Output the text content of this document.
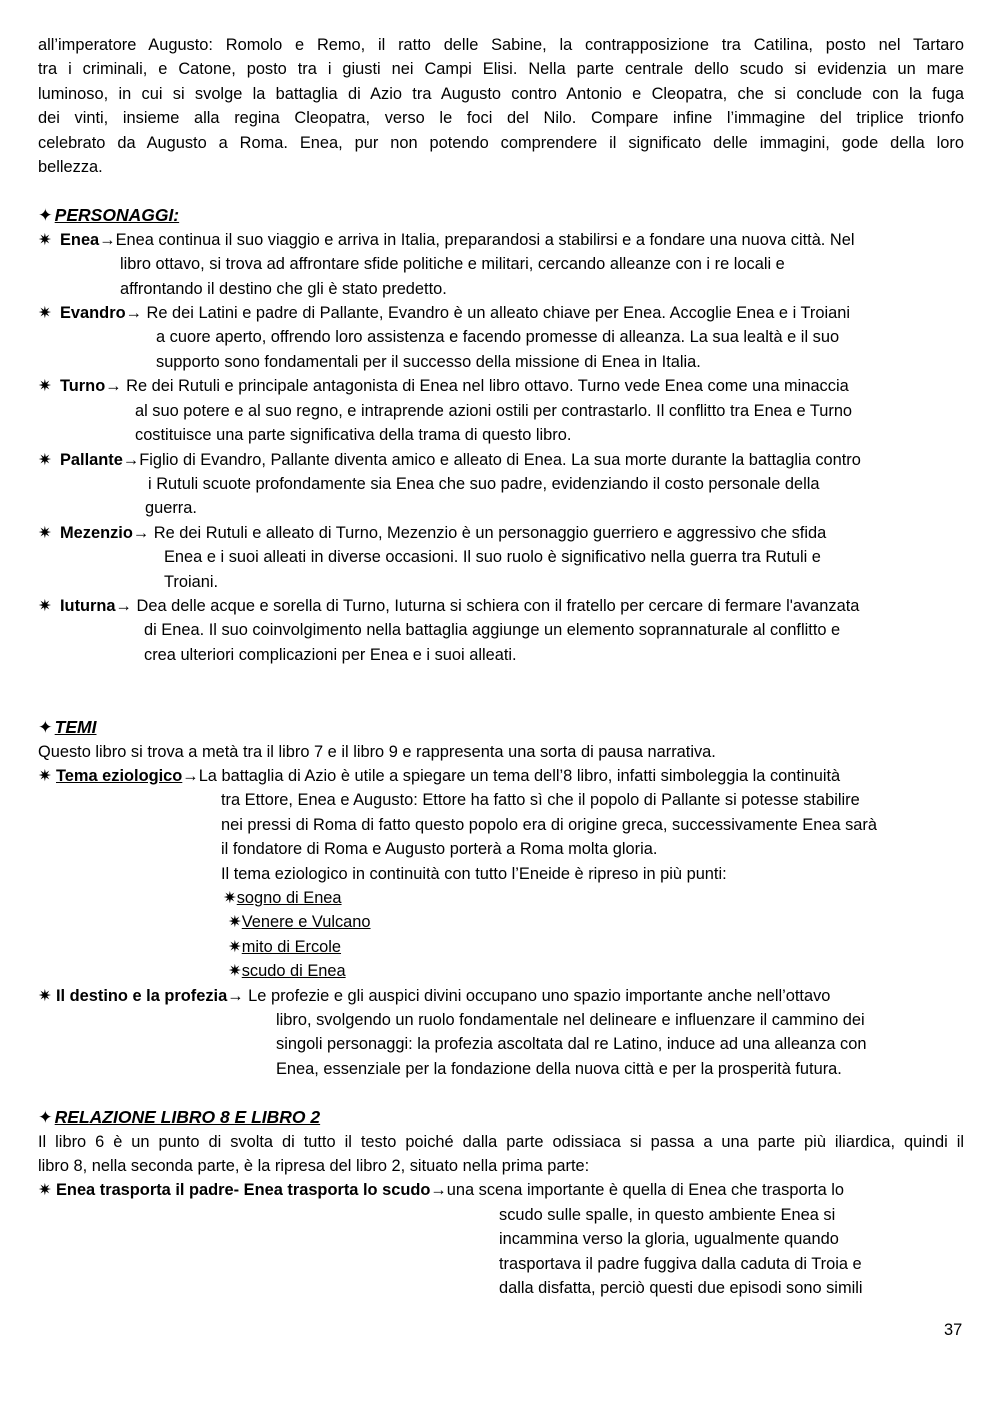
all’imperatore Augusto: Romolo e Remo, il ratto delle Sabine, la contrapposizione tra Catilina, posto nel Tartaro

tra i criminali, e Catone, posto tra i giusti nei Campi Elisi. Nella parte centrale dello scudo si evidenzia un mare

luminoso, in cui si svolge la battaglia di Azio tra Augusto contro Antonio e Cleopatra, che si conclude con la fuga

dei vinti, insieme alla regina Cleopatra, verso le foci del Nilo. Compare infine l’immagine del triplice trionfo

celebrato da Augusto a Roma. Enea, pur non potendo comprendere il significato delle immagini, gode della loro

bellezza.

✦ PERSONAGGI:

✷ Enea→Enea continua il suo viaggio e arriva in Italia, preparandosi a stabilirsi e a fondare una nuova città. Nel
libro ottavo, si trova ad affrontare sfide politiche e militari, cercando alleanze con i re locali e
affrontando il destino che gli è stato predetto.
✷ Evandro→ Re dei Latini e padre di Pallante, Evandro è un alleato chiave per Enea. Accoglie Enea e i Troiani
a cuore aperto, offrendo loro assistenza e facendo promesse di alleanza. La sua lealtà e il suo
supporto sono fondamentali per il successo della missione di Enea in Italia.
✷ Turno→ Re dei Rutuli e principale antagonista di Enea nel libro ottavo. Turno vede Enea come una minaccia
al suo potere e al suo regno, e intraprende azioni ostili per contrastarlo. Il conflitto tra Enea e Turno
costituisce una parte significativa della trama di questo libro.
✷ Pallante→Figlio di Evandro, Pallante diventa amico e alleato di Enea. La sua morte durante la battaglia contro
i Rutuli scuote profondamente sia Enea che suo padre, evidenziando il costo personale della
guerra.
✷ Mezenzio→ Re dei Rutuli e alleato di Turno, Mezenzio è un personaggio guerriero e aggressivo che sfida
Enea e i suoi alleati in diverse occasioni. Il suo ruolo è significativo nella guerra tra Rutuli e
Troiani.
✷ Iuturna→ Dea delle acque e sorella di Turno, Iuturna si schiera con il fratello per cercare di fermare l'avanzata
di Enea. Il suo coinvolgimento nella battaglia aggiunge un elemento soprannaturale al conflitto e
crea ulteriori complicazioni per Enea e i suoi alleati.

✦ TEMI

Questo libro si trova a metà tra il libro 7 e il libro 9 e rappresenta una sorta di pausa narrativa.

✷ Tema eziologico→La battaglia di Azio è utile a spiegare un tema dell’8 libro, infatti simboleggia la continuità
tra Ettore, Enea e Augusto: Ettore ha fatto sì che il popolo di Pallante si potesse stabilire
nei pressi di Roma di fatto questo popolo era di origine greca, successivamente Enea sarà
il fondatore di Roma e Augusto porterà a Roma molta gloria.
Il tema eziologico in continuità con tutto l’Eneide è ripreso in più punti:
✷sogno di Enea
✷Venere e Vulcano
✷mito di Ercole
✷scudo di Enea
✷ Il destino e la profezia→ Le profezie e gli auspici divini occupano uno spazio importante anche nell’ottavo
libro, svolgendo un ruolo fondamentale nel delineare e influenzare il cammino dei
singoli personaggi: la profezia ascoltata dal re Latino, induce ad una alleanza con
Enea, essenziale per la fondazione della nuova città e per la prosperità futura.

✦ RELAZIONE LIBRO 8 E LIBRO 2

Il libro 6 è un punto di svolta di tutto il testo poiché dalla parte odissiaca si passa a una parte più iliardica, quindi il

libro 8, nella seconda parte, è la ripresa del libro 2, situato nella prima parte:

✷ Enea trasporta il padre- Enea trasporta lo scudo→una scena importante è quella di Enea che trasporta lo
scudo sulle spalle, in questo ambiente Enea si
incammina verso la gloria, ugualmente quando
trasportava il padre fuggiva dalla caduta di Troia e
dalla disfatta, perciò questi due episodi sono simili
37
